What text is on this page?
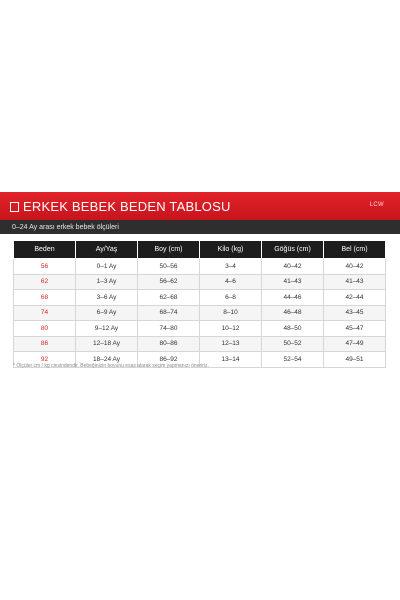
ERKEK BEBEK BEDEN TABLOSU	LCW
0–24 Ay arası erkek bebek ölçüleri
Beden	Ay/Yaş	Boy (cm)	Kilo (kg)	Göğüs (cm)	Bel (cm)
56	0–1 Ay	50–56	3–4	40–42	40–42
62	1–3 Ay	56–62	4–6	41–43	41–43
68	3–6 Ay	62–68	6–8	44–46	42–44
74	6–9 Ay	68–74	8–10	46–48	43–45
80	9–12 Ay	74–80	10–12	48–50	45–47
86	12–18 Ay	80–86	12–13	50–52	47–49
92	18–24 Ay	86–92	13–14	52–54	49–51
* Ölçüler cm / kg cinsindendir. Bebeğinizin boyunu esas alarak seçim yapmanızı öneririz.
